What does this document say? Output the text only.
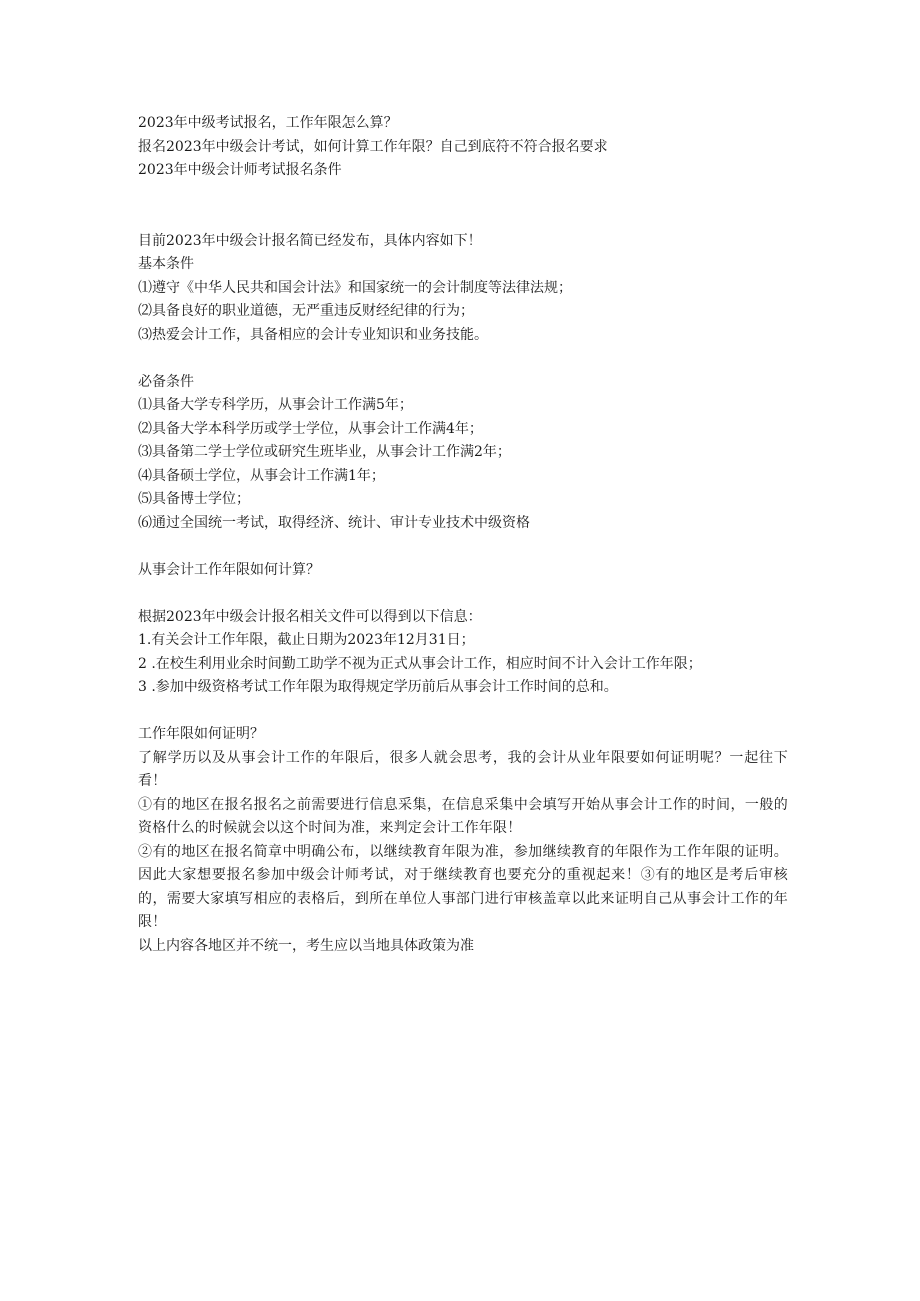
2023年中级考试报名，工作年限怎么算？

报名2023年中级会计考试，如何计算工作年限？自己到底符不符合报名要求

2023年中级会计师考试报名条件

目前2023年中级会计报名简已经发布，具体内容如下！

基本条件

⑴遵守《中华人民共和国会计法》和国家统一的会计制度等法律法规；

⑵具备良好的职业道德，无严重违反财经纪律的行为；

⑶热爱会计工作，具备相应的会计专业知识和业务技能。

必备条件

⑴具备大学专科学历，从事会计工作满5年；

⑵具备大学本科学历或学士学位，从事会计工作满4年；

⑶具备第二学士学位或研究生班毕业，从事会计工作满2年；

⑷具备硕士学位，从事会计工作满1年；

⑸具备博士学位；

⑹通过全国统一考试，取得经济、统计、审计专业技术中级资格

从事会计工作年限如何计算？

根据2023年中级会计报名相关文件可以得到以下信息：

1.有关会计工作年限，截止日期为2023年12月31日；

2 .在校生利用业余时间勤工助学不视为正式从事会计工作，相应时间不计入会计工作年限；

3 .参加中级资格考试工作年限为取得规定学历前后从事会计工作时间的总和。

工作年限如何证明？

了解学历以及从事会计工作的年限后，很多人就会思考，我的会计从业年限要如何证明呢？一起往下看！

①有的地区在报名报名之前需要进行信息采集，在信息采集中会填写开始从事会计工作的时间，一般的资格什么的时候就会以这个时间为准，来判定会计工作年限！

②有的地区在报名简章中明确公布，以继续教育年限为准，参加继续教育的年限作为工作年限的证明。因此大家想要报名参加中级会计师考试，对于继续教育也要充分的重视起来！③有的地区是考后审核的，需要大家填写相应的表格后，到所在单位人事部门进行审核盖章以此来证明自己从事会计工作的年限！

以上内容各地区并不统一，考生应以当地具体政策为准
